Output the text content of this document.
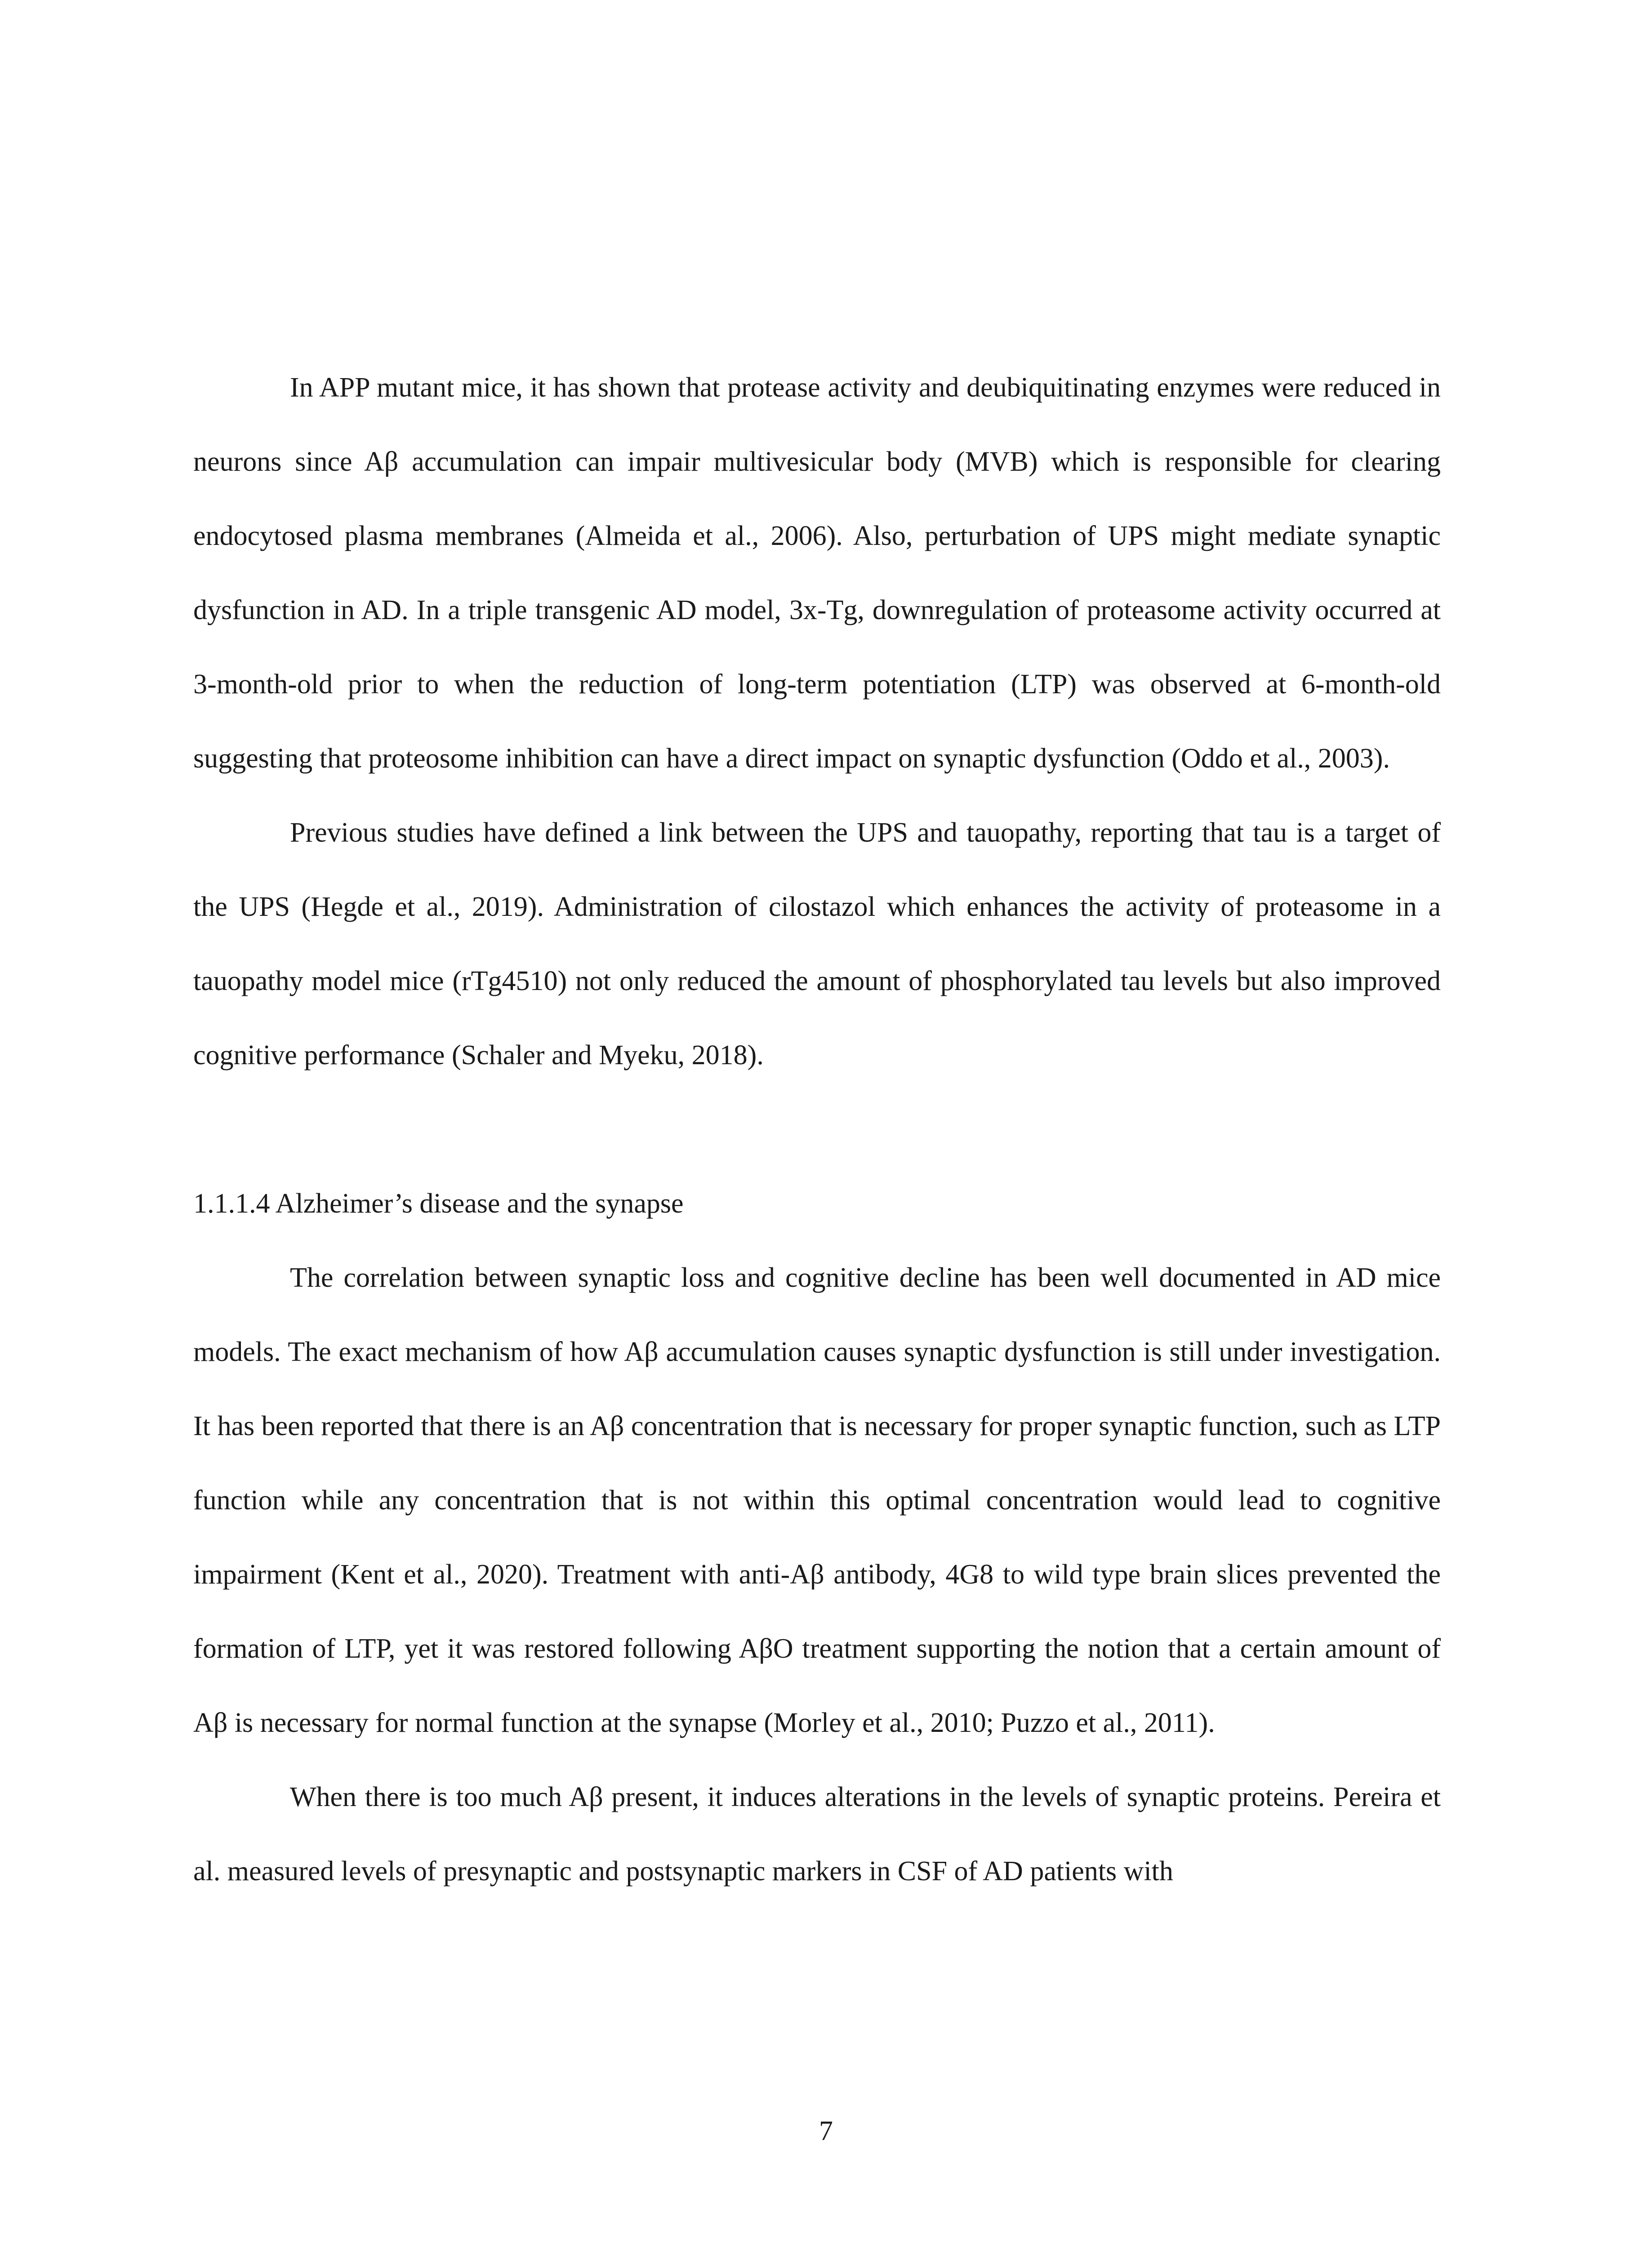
In APP mutant mice, it has shown that protease activity and deubiquitinating enzymes were reduced in neurons since Aβ accumulation can impair multivesicular body (MVB) which is responsible for clearing endocytosed plasma membranes (Almeida et al., 2006). Also, perturbation of UPS might mediate synaptic dysfunction in AD. In a triple transgenic AD model, 3x-Tg, downregulation of proteasome activity occurred at 3-month-old prior to when the reduction of long-term potentiation (LTP) was observed at 6-month-old suggesting that proteosome inhibition can have a direct impact on synaptic dysfunction (Oddo et al., 2003).

Previous studies have defined a link between the UPS and tauopathy, reporting that tau is a target of the UPS (Hegde et al., 2019). Administration of cilostazol which enhances the activity of proteasome in a tauopathy model mice (rTg4510) not only reduced the amount of phosphorylated tau levels but also improved cognitive performance (Schaler and Myeku, 2018).

1.1.1.4 Alzheimer’s disease and the synapse

The correlation between synaptic loss and cognitive decline has been well documented in AD mice models. The exact mechanism of how Aβ accumulation causes synaptic dysfunction is still under investigation. It has been reported that there is an Aβ concentration that is necessary for proper synaptic function, such as LTP function while any concentration that is not within this optimal concentration would lead to cognitive impairment (Kent et al., 2020). Treatment with anti-Aβ antibody, 4G8 to wild type brain slices prevented the formation of LTP, yet it was restored following AβO treatment supporting the notion that a certain amount of Aβ is necessary for normal function at the synapse (Morley et al., 2010; Puzzo et al., 2011).

When there is too much Aβ present, it induces alterations in the levels of synaptic proteins. Pereira et al. measured levels of presynaptic and postsynaptic markers in CSF of AD patients with

7
